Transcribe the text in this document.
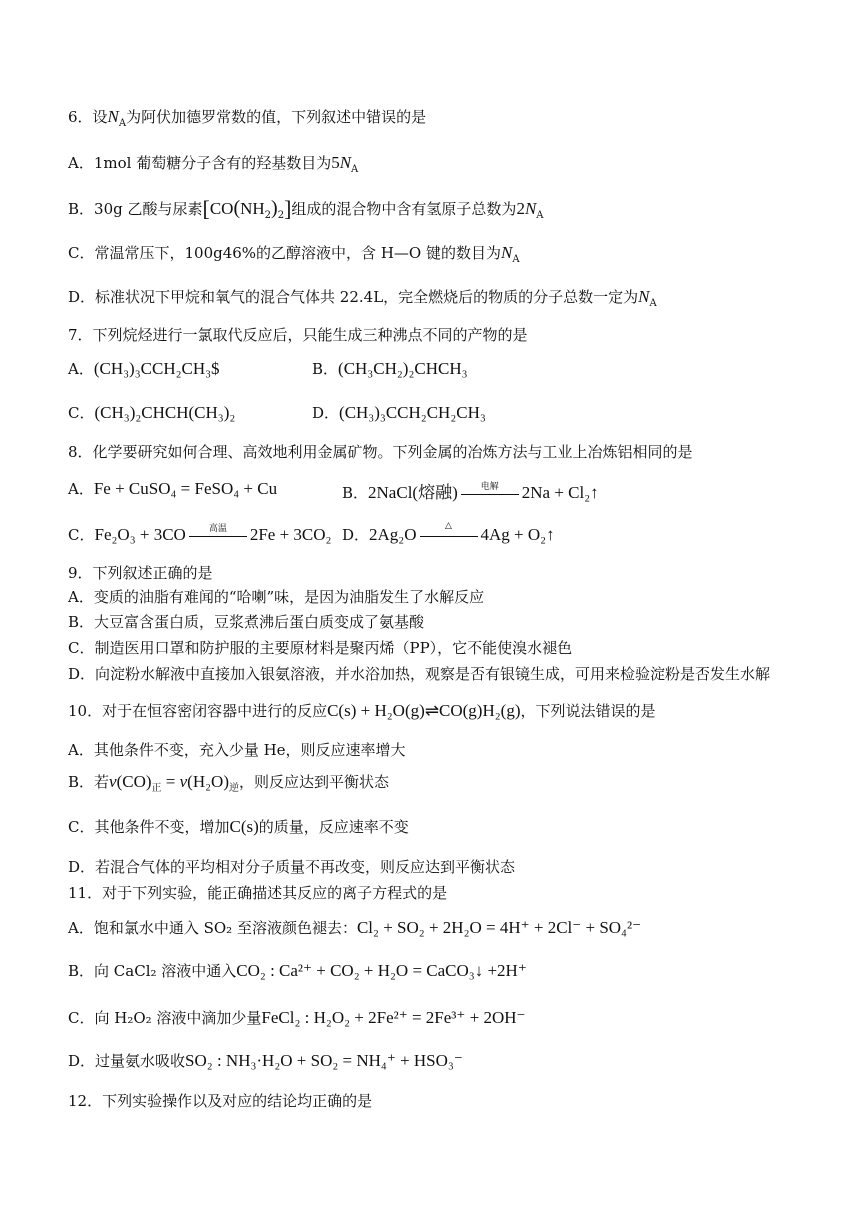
6．设$N_A$为阿伏加德罗常数的值，下列叙述中错误的是
A．1mol 葡萄糖分子含有的羟基数目为$5N_A$
B．30g 乙酸与尿素$[CO(NH_2)_2]$组成的混合物中含有氢原子总数为$2N_A$
C．常温常压下，100g46%的乙醇溶液中，含 H—O 键的数目为$N_A$
D．标准状况下甲烷和氧气的混合气体共 22.4L，完全燃烧后的物质的分子总数一定为$N_A$
7．下列烷烃进行一氯取代反应后，只能生成三种沸点不同的产物的是
A．(CH₃)₃CCH₂CH₃$	B．(CH₃CH₂)₂CHCH₃
C．(CH₃)₂CHCH(CH₃)₂	D．(CH₃)₃CCH₂CH₂CH₃
8．化学要研究如何合理、高效地利用金属矿物。下列金属的冶炼方法与工业上冶炼铝相同的是
A．Fe + CuSO₄ = FeSO₄ + Cu	B．2NaCl(熔融)	电解	2Na + Cl₂↑
C．Fe₂O₃ + 3CO	高温	2Fe + 3CO₂ D．2Ag₂O	△	4Ag + O₂↑
9．下列叙述正确的是
A．变质的油脂有难闻的“哈喇”味，是因为油脂发生了水解反应
B．大豆富含蛋白质，豆浆煮沸后蛋白质变成了氨基酸
C．制造医用口罩和防护服的主要原材料是聚丙烯（PP），它不能使溴水褪色
D．向淀粉水解液中直接加入银氨溶液，并水浴加热，观察是否有银镜生成，可用来检验淀粉是否发生水解
10．对于在恒容密闭容器中进行的反应C(s) + H₂O(g)⇌CO(g)H₂(g)，下列说法错误的是
A．其他条件不变，充入少量 He，则反应速率增大
B．若$v(CO)_正 = v(H_2O)_逆$，则反应达到平衡状态
C．其他条件不变，增加C(s)的质量，反应速率不变
D．若混合气体的平均相对分子质量不再改变，则反应达到平衡状态
11．对于下列实验，能正确描述其反应的离子方程式的是
A．饱和氯水中通入 SO₂ 至溶液颜色褪去：Cl₂ + SO₂ + 2H₂O = 4H⁺ + 2Cl⁻ + SO₄²⁻
B．向 CaCl₂ 溶液中通入CO₂ : Ca²⁺ + CO₂ + H₂O = CaCO₃↓ +2H⁺
C．向 H₂O₂ 溶液中滴加少量FeCl₂ : H₂O₂ + 2Fe²⁺ = 2Fe³⁺ + 2OH⁻
D．过量氨水吸收SO₂ : NH₃·H₂O + SO₂ = NH₄⁺ + HSO₃⁻
12．下列实验操作以及对应的结论均正确的是
